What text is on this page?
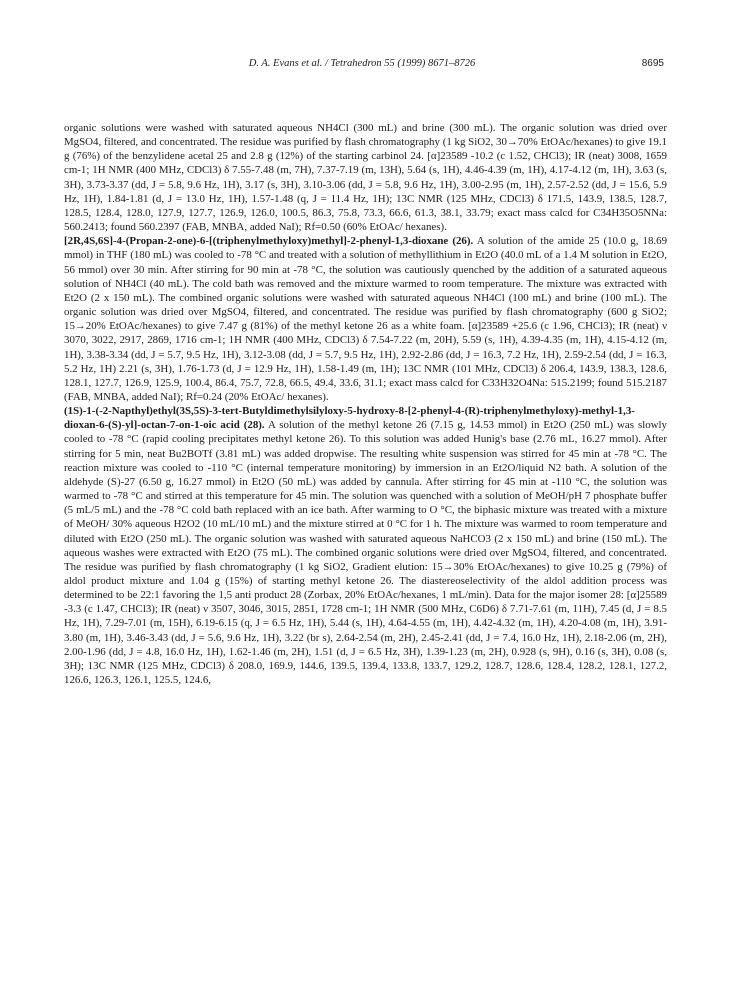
D. A. Evans et al. / Tetrahedron 55 (1999) 8671–8726	8695

organic solutions were washed with saturated aqueous NH4Cl (300 mL) and brine (300 mL). The organic solution was dried over MgSO4, filtered, and concentrated. The residue was purified by flash chromatography (1 kg SiO2, 30→70% EtOAc/hexanes) to give 19.1 g (76%) of the benzylidene acetal 25 and 2.8 g (12%) of the starting carbinol 24. [α]23589 -10.2 (c 1.52, CHCl3); IR (neat) 3008, 1659 cm-1; 1H NMR (400 MHz, CDCl3) δ 7.55-7.48 (m, 7H), 7.37-7.19 (m, 13H), 5.64 (s, 1H), 4.46-4.39 (m, 1H), 4.17-4.12 (m, 1H), 3.63 (s, 3H), 3.73-3.37 (dd, J = 5.8, 9.6 Hz, 1H), 3.17 (s, 3H), 3.10-3.06 (dd, J = 5.8, 9.6 Hz, 1H), 3.00-2.95 (m, 1H), 2.57-2.52 (dd, J = 15.6, 5.9 Hz, 1H), 1.84-1.81 (d, J = 13.0 Hz, 1H), 1.57-1.48 (q, J = 11.4 Hz, 1H); 13C NMR (125 MHz, CDCl3) δ 171.5, 143.9, 138.5, 128.7, 128.5, 128.4, 128.0, 127.9, 127.7, 126.9, 126.0, 100.5, 86.3, 75.8, 73.3, 66.6, 61.3, 38.1, 33.79; exact mass calcd for C34H35O5NNa: 560.2413; found 560.2397 (FAB, MNBA, added NaI); Rf=0.50 (60% EtOAc/ hexanes).

[2R,4S,6S]-4-(Propan-2-one)-6-[(triphenylmethyloxy)methyl]-2-phenyl-1,3-dioxane (26). A solution of the amide 25 (10.0 g, 18.69 mmol) in THF (180 mL) was cooled to -78 °C and treated with a solution of methyllithium in Et2O (40.0 mL of a 1.4 M solution in Et2O, 56 mmol) over 30 min. After stirring for 90 min at -78 °C, the solution was cautiously quenched by the addition of a saturated aqueous solution of NH4Cl (40 mL). The cold bath was removed and the mixture warmed to room temperature. The mixture was extracted with Et2O (2 x 150 mL). The combined organic solutions were washed with saturated aqueous NH4Cl (100 mL) and brine (100 mL). The organic solution was dried over MgSO4, filtered, and concentrated. The residue was purified by flash chromatography (600 g SiO2; 15→20% EtOAc/hexanes) to give 7.47 g (81%) of the methyl ketone 26 as a white foam. [α]23589 +25.6 (c 1.96, CHCl3); IR (neat) ν 3070, 3022, 2917, 2869, 1716 cm-1; 1H NMR (400 MHz, CDCl3) δ 7.54-7.22 (m, 20H), 5.59 (s, 1H), 4.39-4.35 (m, 1H), 4.15-4.12 (m, 1H), 3.38-3.34 (dd, J = 5.7, 9.5 Hz, 1H), 3.12-3.08 (dd, J = 5.7, 9.5 Hz, 1H), 2.92-2.86 (dd, J = 16.3, 7.2 Hz, 1H), 2.59-2.54 (dd, J = 16.3, 5.2 Hz, 1H) 2.21 (s, 3H), 1.76-1.73 (d, J = 12.9 Hz, 1H), 1.58-1.49 (m, 1H); 13C NMR (101 MHz, CDCl3) δ 206.4, 143.9, 138.3, 128.6, 128.1, 127.7, 126.9, 125.9, 100.4, 86.4, 75.7, 72.8, 66.5, 49.4, 33.6, 31.1; exact mass calcd for C33H32O4Na: 515.2199; found 515.2187 (FAB, MNBA, added NaI); Rf=0.24 (20% EtOAc/ hexanes).

(1S)-1-(-2-Napthyl)ethyl(3S,5S)-3-tert-Butyldimethylsilyloxy-5-hydroxy-8-[2-phenyl-4-(R)-triphenylmethyloxy)-methyl-1,3-dioxan-6-(S)-yl]-octan-7-on-1-oic acid (28). A solution of the methyl ketone 26 (7.15 g, 14.53 mmol) in Et2O (250 mL) was slowly cooled to -78 °C (rapid cooling precipitates methyl ketone 26). To this solution was added Hunig's base (2.76 mL, 16.27 mmol). After stirring for 5 min, neat Bu2BOTf (3.81 mL) was added dropwise. The resulting white suspension was stirred for 45 min at -78 °C. The reaction mixture was cooled to -110 °C (internal temperature monitoring) by immersion in an Et2O/liquid N2 bath. A solution of the aldehyde (S)-27 (6.50 g, 16.27 mmol) in Et2O (50 mL) was added by cannula. After stirring for 45 min at -110 °C, the solution was warmed to -78 °C and stirred at this temperature for 45 min. The solution was quenched with a solution of MeOH/pH 7 phosphate buffer (5 mL/5 mL) and the -78 °C cold bath replaced with an ice bath. After warming to O °C, the biphasic mixture was treated with a mixture of MeOH/ 30% aqueous H2O2 (10 mL/10 mL) and the mixture stirred at 0 °C for 1 h. The mixture was warmed to room temperature and diluted with Et2O (250 mL). The organic solution was washed with saturated aqueous NaHCO3 (2 x 150 mL) and brine (150 mL). The aqueous washes were extracted with Et2O (75 mL). The combined organic solutions were dried over MgSO4, filtered, and concentrated. The residue was purified by flash chromatography (1 kg SiO2, Gradient elution: 15→30% EtOAc/hexanes) to give 10.25 g (79%) of aldol product mixture and 1.04 g (15%) of starting methyl ketone 26. The diastereoselectivity of the aldol addition process was determined to be 22:1 favoring the 1,5 anti product 28 (Zorbax, 20% EtOAc/hexanes, 1 mL/min). Data for the major isomer 28: [α]25589 -3.3 (c 1.47, CHCl3); IR (neat) ν 3507, 3046, 3015, 2851, 1728 cm-1; 1H NMR (500 MHz, C6D6) δ 7.71-7.61 (m, 11H), 7.45 (d, J = 8.5 Hz, 1H), 7.29-7.01 (m, 15H), 6.19-6.15 (q, J = 6.5 Hz, 1H), 5.44 (s, 1H), 4.64-4.55 (m, 1H), 4.42-4.32 (m, 1H), 4.20-4.08 (m, 1H), 3.91-3.80 (m, 1H), 3.46-3.43 (dd, J = 5.6, 9.6 Hz, 1H), 3.22 (br s), 2.64-2.54 (m, 2H), 2.45-2.41 (dd, J = 7.4, 16.0 Hz, 1H), 2.18-2.06 (m, 2H), 2.00-1.96 (dd, J = 4.8, 16.0 Hz, 1H), 1.62-1.46 (m, 2H), 1.51 (d, J = 6.5 Hz, 3H), 1.39-1.23 (m, 2H), 0.928 (s, 9H), 0.16 (s, 3H), 0.08 (s, 3H); 13C NMR (125 MHz, CDCl3) δ 208.0, 169.9, 144.6, 139.5, 139.4, 133.8, 133.7, 129.2, 128.7, 128.6, 128.4, 128.2, 128.1, 127.2, 126.6, 126.3, 126.1, 125.5, 124.6,
